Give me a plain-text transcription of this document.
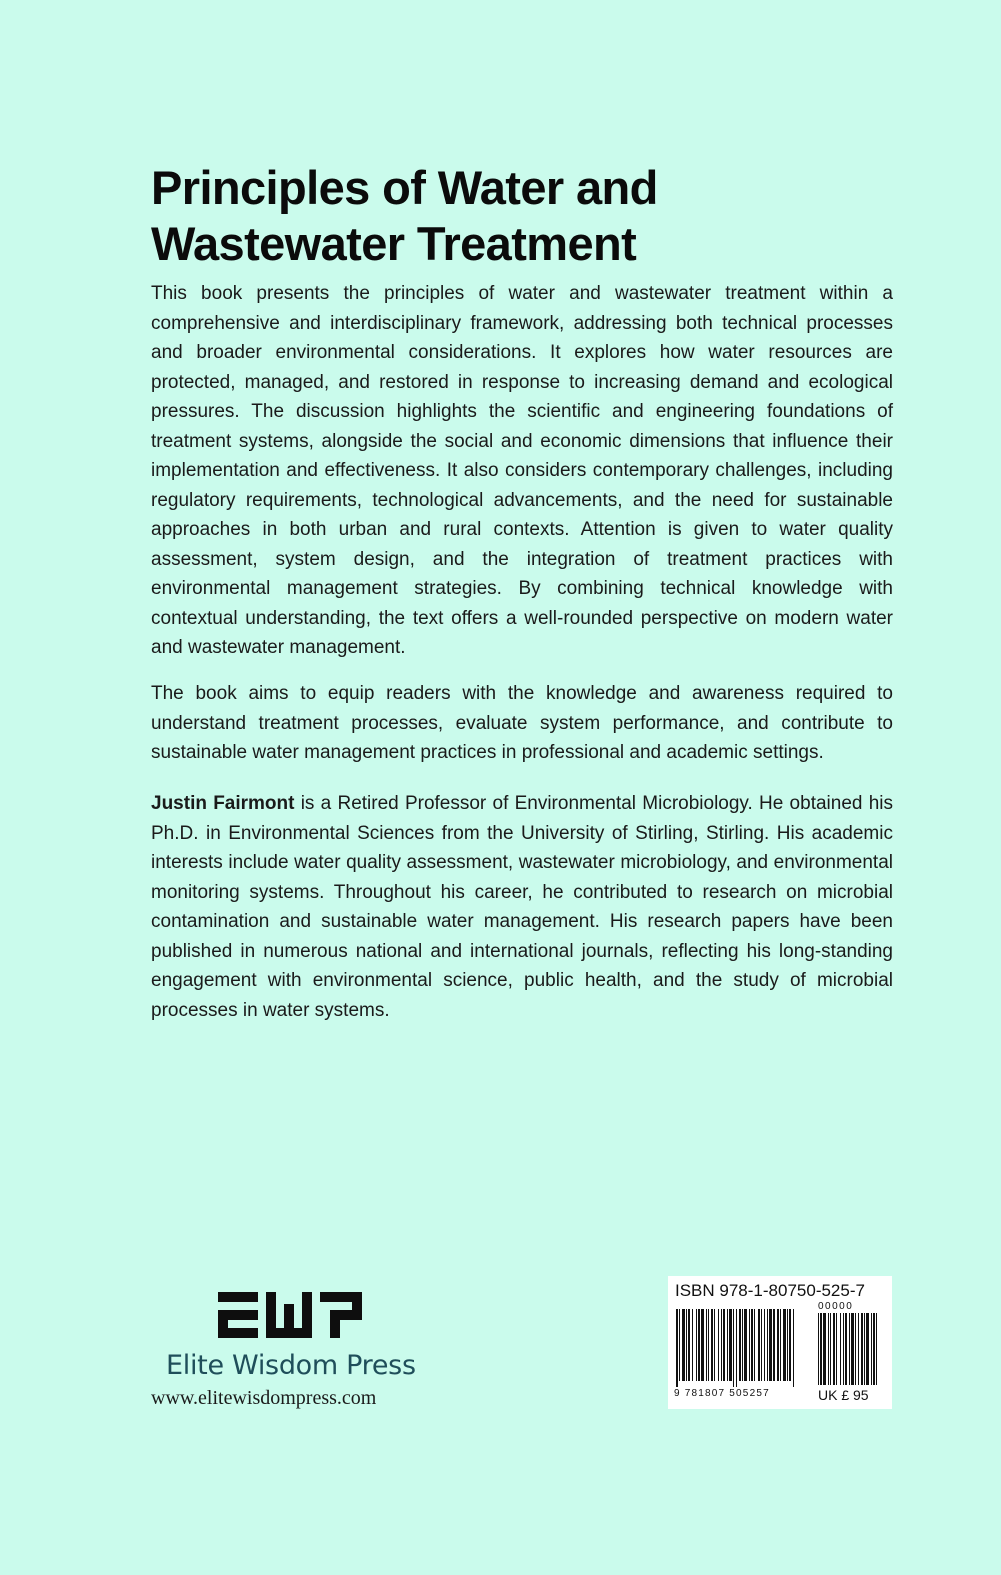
Principles of Water and
Wastewater Treatment

This book presents the principles of water and wastewater treatment within a comprehensive and interdisciplinary framework, addressing both technical processes and broader environmental considerations. It explores how water resources are protected, managed, and restored in response to increasing demand and ecological pressures. The discussion highlights the scientific and engineering foundations of treatment systems, alongside the social and economic dimensions that influence their implementation and effectiveness. It also considers contemporary challenges, including regulatory requirements, technological advancements, and the need for sustainable approaches in both urban and rural contexts. Attention is given to water quality assessment, system design, and the integration of treatment practices with environmental management strategies. By combining technical knowledge with contextual understanding, the text offers a well-rounded perspective on modern water and wastewater management.

The book aims to equip readers with the knowledge and awareness required to understand treatment processes, evaluate system performance, and contribute to sustainable water management practices in professional and academic settings.

Justin Fairmont is a Retired Professor of Environmental Microbiology. He obtained his Ph.D. in Environmental Sciences from the University of Stirling, Stirling. His academic interests include water quality assessment, wastewater microbiology, and environmental monitoring systems. Throughout his career, he contributed to research on microbial contamination and sustainable water management. His research papers have been published in numerous national and international journals, reflecting his long-standing engagement with environmental science, public health, and the study of microbial processes in water systems.

Elite Wisdom Press
www.elitewisdompress.com
ISBN 978-1-80750-525-7
00000
9 781807 505257	UK £ 95
